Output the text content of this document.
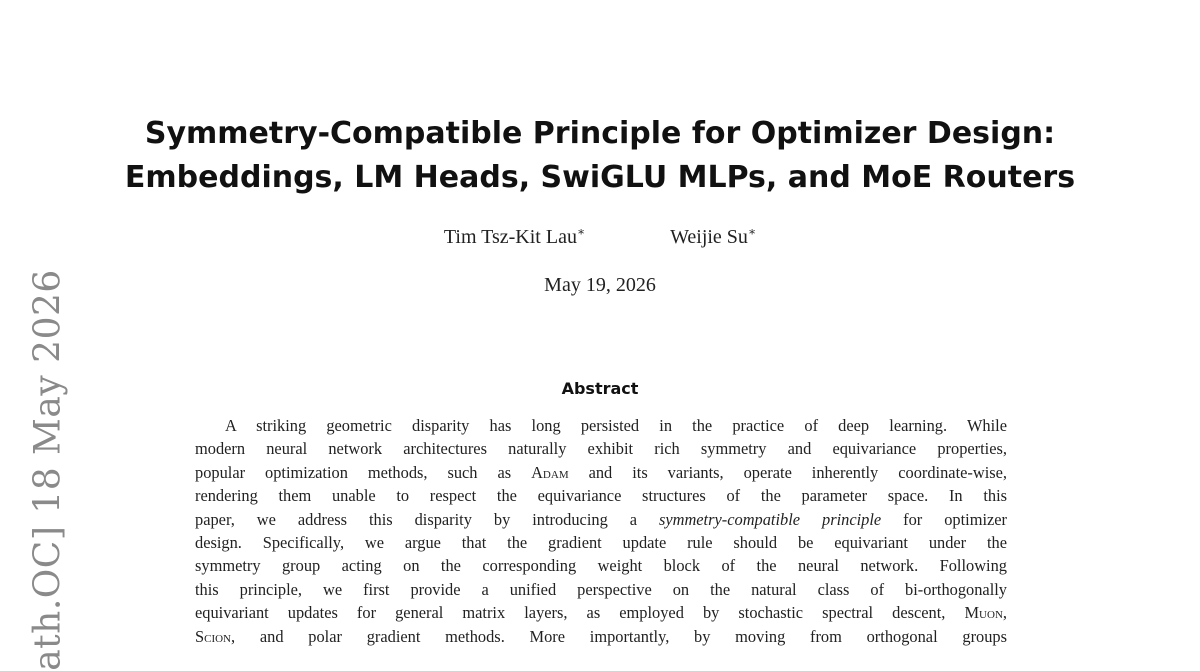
ath.OC] 18 May 2026
Symmetry-Compatible Principle for Optimizer Design:
Embeddings, LM Heads, SwiGLU MLPs, and MoE Routers
Tim Tsz-Kit Lau∗	Weijie Su∗
May 19, 2026
Abstract
A striking geometric disparity has long persisted in the practice of deep learning. While
modern neural network architectures naturally exhibit rich symmetry and equivariance properties,
popular optimization methods, such as Adam and its variants, operate inherently coordinate-wise,
rendering them unable to respect the equivariance structures of the parameter space. In this
paper, we address this disparity by introducing a symmetry-compatible principle for optimizer
design. Specifically, we argue that the gradient update rule should be equivariant under the
symmetry group acting on the corresponding weight block of the neural network. Following
this principle, we first provide a unified perspective on the natural class of bi-orthogonally
equivariant updates for general matrix layers, as employed by stochastic spectral descent, Muon,
Scion, and polar gradient methods. More importantly, by moving from orthogonal groups
